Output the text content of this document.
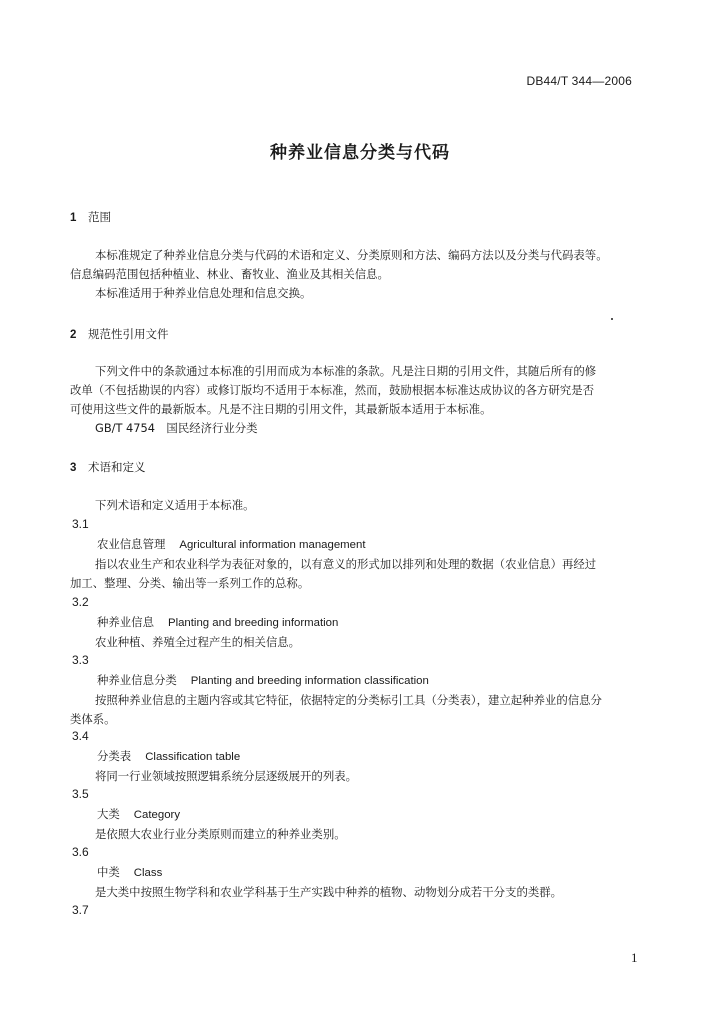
DB44/T 344—2006
种养业信息分类与代码
1 范围
本标准规定了种养业信息分类与代码的术语和定义、分类原则和方法、编码方法以及分类与代码表等。
信息编码范围包括种植业、林业、畜牧业、渔业及其相关信息。
本标准适用于种养业信息处理和信息交换。
2 规范性引用文件
下列文件中的条款通过本标准的引用而成为本标准的条款。凡是注日期的引用文件，其随后所有的修
改单（不包括勘误的内容）或修订版均不适用于本标准，然而，鼓励根据本标准达成协议的各方研究是否
可使用这些文件的最新版本。凡是不注日期的引用文件，其最新版本适用于本标准。
GB/T 4754　国民经济行业分类
3 术语和定义
下列术语和定义适用于本标准。
3.1
农业信息管理 Agricultural information management
指以农业生产和农业科学为表征对象的，以有意义的形式加以排列和处理的数据（农业信息）再经过
加工、整理、分类、输出等一系列工作的总称。
3.2
种养业信息 Planting and breeding information
农业种植、养殖全过程产生的相关信息。
3.3
种养业信息分类 Planting and breeding information classification
按照种养业信息的主题内容或其它特征，依据特定的分类标引工具（分类表），建立起种养业的信息分
类体系。
3.4
分类表 Classification table
将同一行业领域按照逻辑系统分层逐级展开的列表。
3.5
大类 Category
是依照大农业行业分类原则而建立的种养业类别。
3.6
中类 Class
是大类中按照生物学科和农业学科基于生产实践中种养的植物、动物划分成若干分支的类群。
3.7
1
